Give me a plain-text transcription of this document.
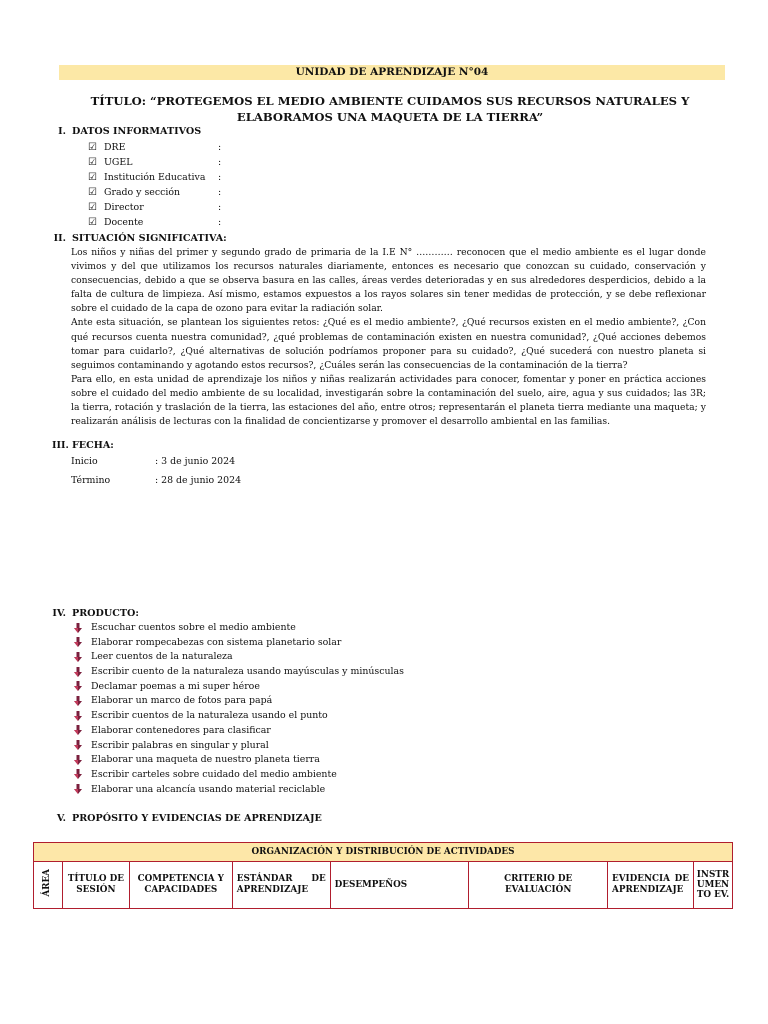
UNIDAD DE APRENDIZAJE N°04
TÍTULO: “PROTEGEMOS EL MEDIO AMBIENTE CUIDAMOS SUS RECURSOS NATURALES Y ELABORAMOS UNA MAQUETA DE LA TIERRA”
I. DATOS INFORMATIVOS
☑ DRE	:
☑ UGEL	:
☑ Institución Educativa :
☑ Grado y sección	:
☑ Director	:
☑ Docente	:
II. SITUACIÓN SIGNIFICATIVA:

Los niños y niñas del primer y segundo grado de primaria de la I.E N° ………… reconocen que el medio ambiente es el lugar donde vivimos y del que utilizamos los recursos naturales diariamente, entonces es necesario que conozcan su cuidado, conservación y consecuencias, debido a que se observa basura en las calles, áreas verdes deterioradas y en sus alrededores desperdicios, debido a la falta de cultura de limpieza. Así mismo, estamos expuestos a los rayos solares sin tener medidas de protección, y se debe reflexionar sobre el cuidado de la capa de ozono para evitar la radiación solar.

Ante esta situación, se plantean los siguientes retos: ¿Qué es el medio ambiente?, ¿Qué recursos existen en el medio ambiente?, ¿Con qué recursos cuenta nuestra comunidad?, ¿qué problemas de contaminación existen en nuestra comunidad?, ¿Qué acciones debemos tomar para cuidarlo?, ¿Qué alternativas de solución podríamos proponer para su cuidado?, ¿Qué sucederá con nuestro planeta si seguimos contaminando y agotando estos recursos?, ¿Cuáles serán las consecuencias de la contaminación de la tierra?

Para ello, en esta unidad de aprendizaje los niños y niñas realizarán actividades para conocer, fomentar y poner en práctica acciones sobre el cuidado del medio ambiente de su localidad, investigarán sobre la contaminación del suelo, aire, agua y sus cuidados; las 3R; la tierra, rotación y traslación de la tierra, las estaciones del año, entre otros; representarán el planeta tierra mediante una maqueta; y realizarán análisis de lecturas con la finalidad de concientizarse y promover el desarrollo ambiental en las familias.

III. FECHA:
Inicio	: 3 de junio 2024
Término	: 28 de junio 2024
IV. PRODUCTO:
Escuchar cuentos sobre el medio ambiente
Elaborar rompecabezas con sistema planetario solar
Leer cuentos de la naturaleza
Escribir cuento de la naturaleza usando mayúsculas y minúsculas
Declamar poemas a mi super héroe
Elaborar un marco de fotos para papá
Escribir cuentos de la naturaleza usando el punto
Elaborar contenedores para clasificar
Escribir palabras en singular y plural
Elaborar una maqueta de nuestro planeta tierra
Escribir carteles sobre cuidado del medio ambiente
Elaborar una alcancía usando material reciclable
V. PROPÓSITO Y EVIDENCIAS DE APRENDIZAJE
ORGANIZACIÓN Y DISTRIBUCIÓN DE ACTIVIDADES
ÁREA	TÍTULO DE SESIÓN	COMPETENCIA Y CAPACIDADES	ESTÁNDAR DE APRENDIZAJE	DESEMPEÑOS	CRITERIO DE EVALUACIÓN	EVIDENCIA DE APRENDIZAJE	INSTR UMEN TO EV.
